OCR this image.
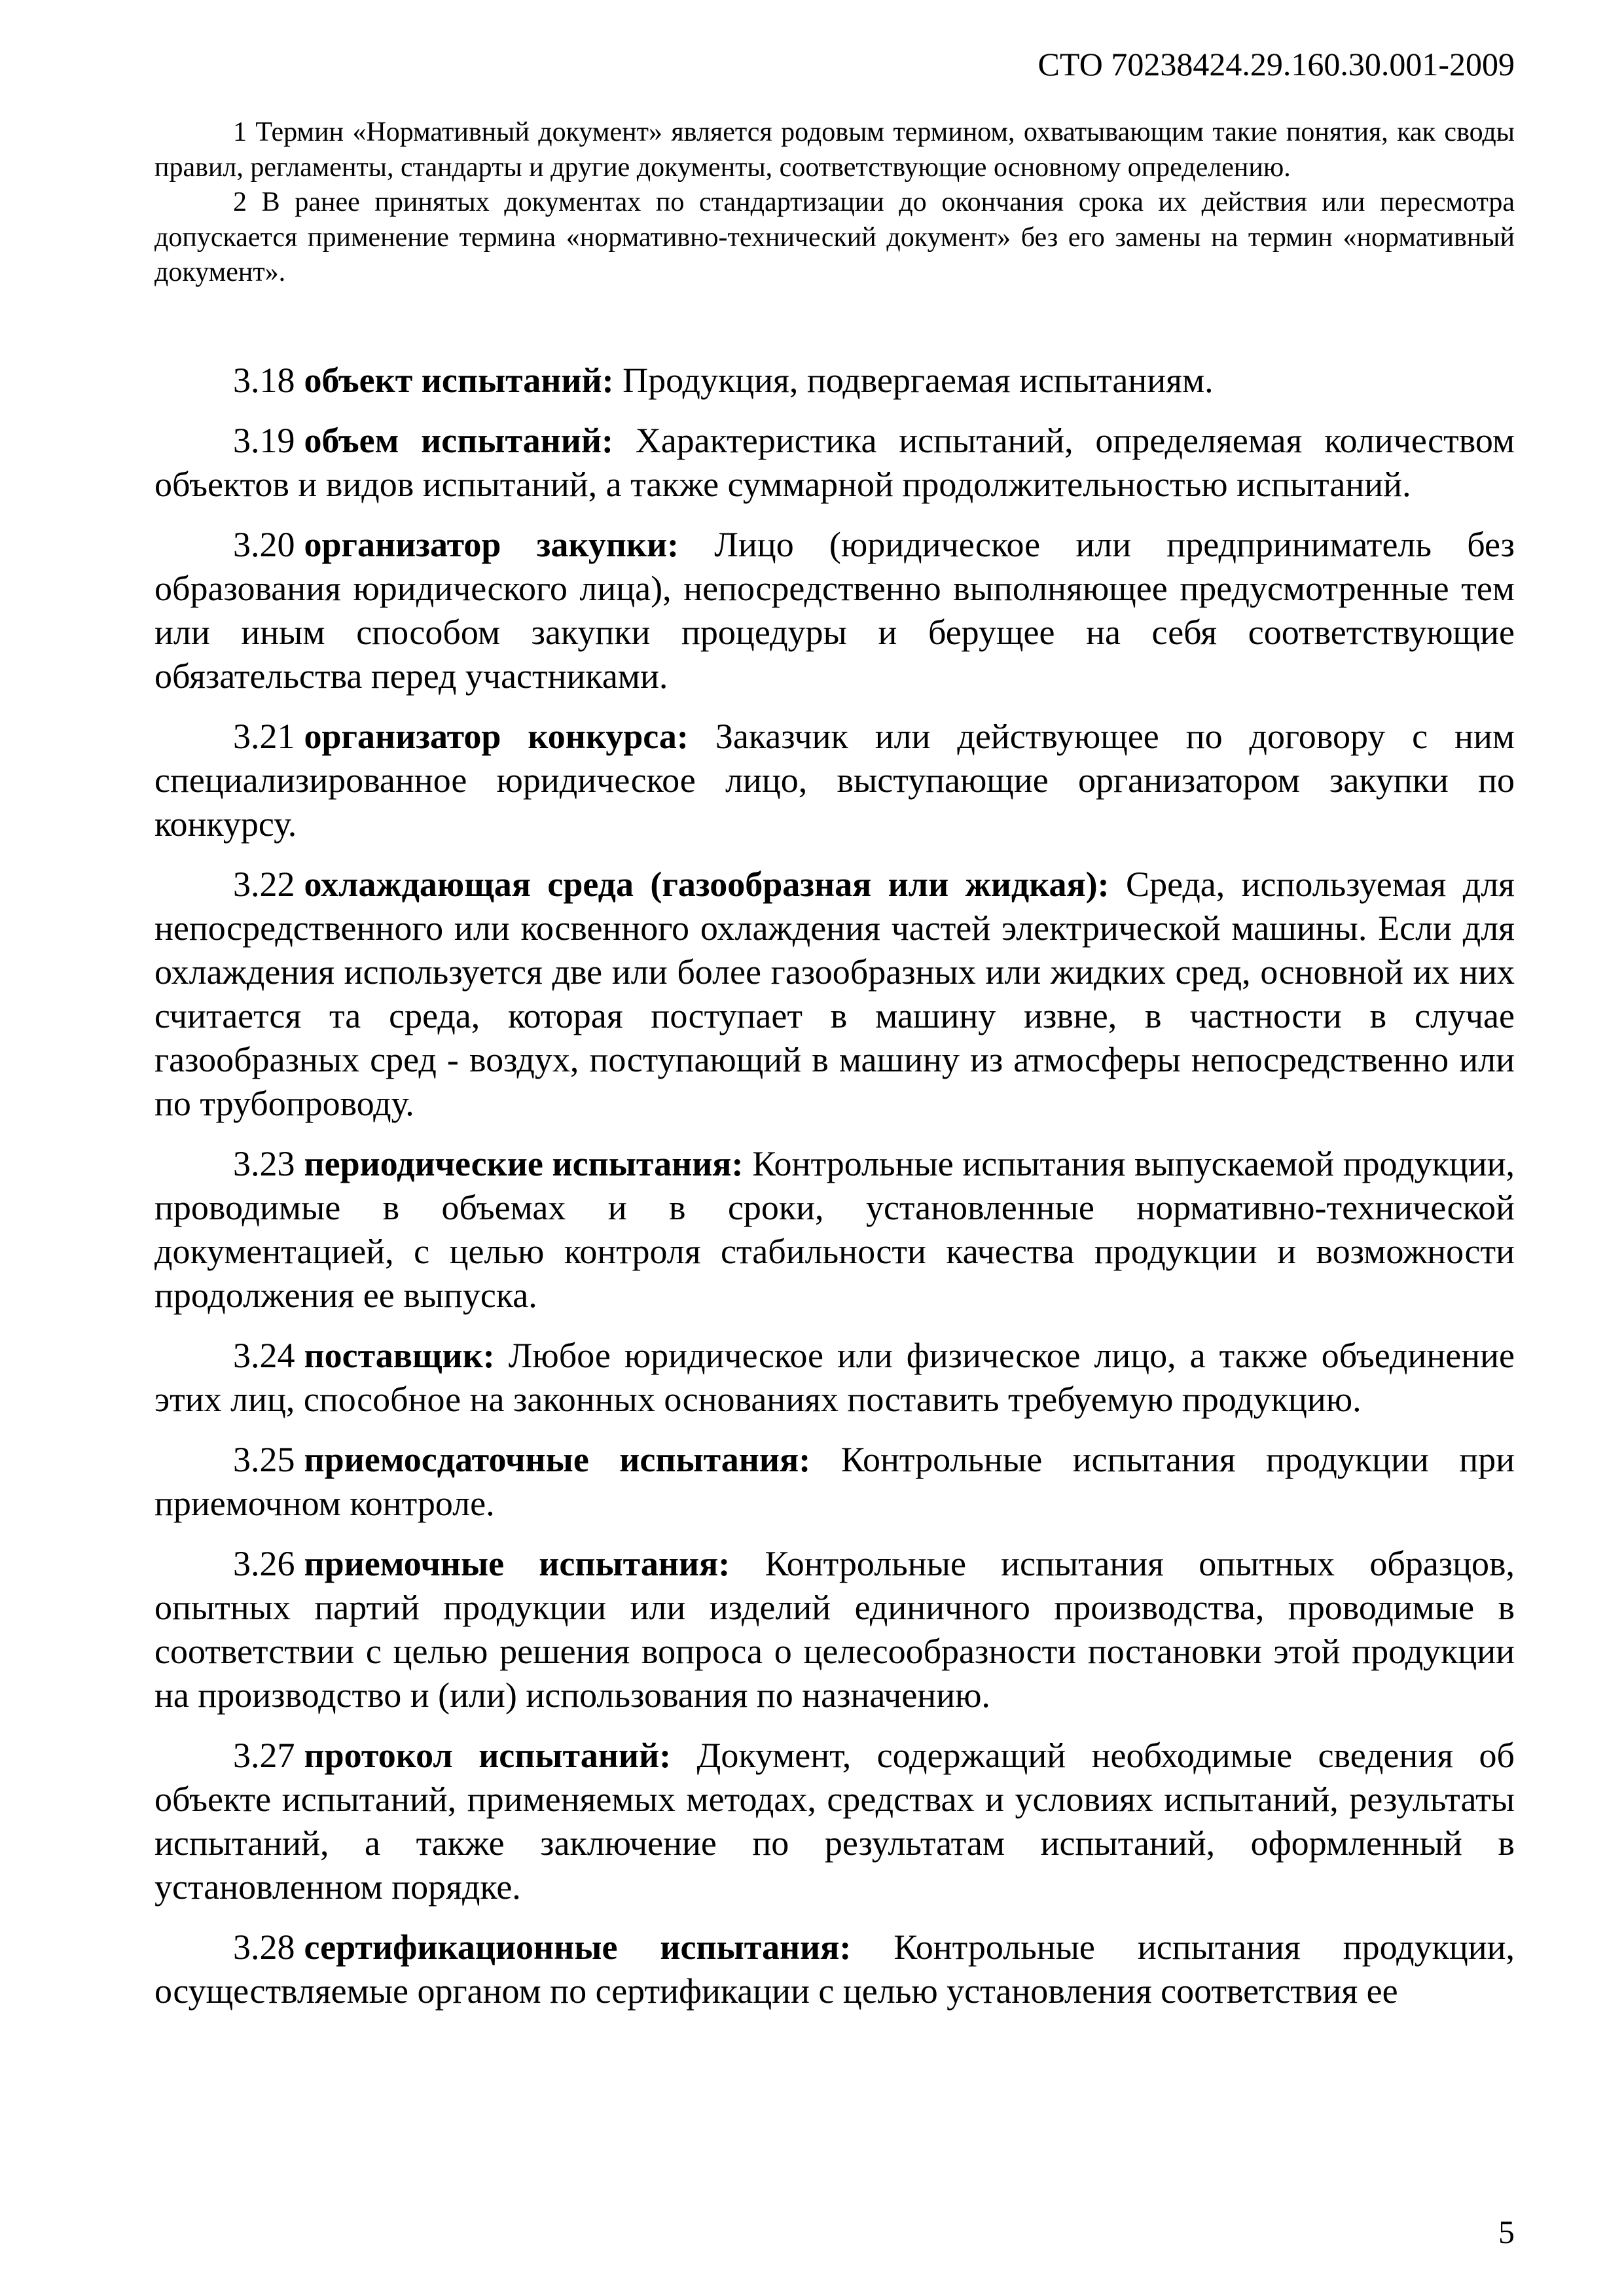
СТО 70238424.29.160.30.001-2009

1 Термин «Нормативный документ» является родовым термином, охватывающим такие понятия, как своды правил, регламенты, стандарты и другие документы, соответствующие основному определению.

2 В ранее принятых документах по стандартизации до окончания срока их действия или пересмотра допускается применение термина «нормативно-технический документ» без его замены на термин «нормативный документ».

3.18 объект испытаний: Продукция, подвергаемая испытаниям.

3.19 объем испытаний: Характеристика испытаний, определяемая количеством объектов и видов испытаний, а также суммарной продолжительностью испытаний.

3.20 организатор закупки: Лицо (юридическое или предприниматель без образования юридического лица), непосредственно выполняющее предусмотренные тем или иным способом закупки процедуры и берущее на себя соответствующие обязательства перед участниками.

3.21 организатор конкурса: Заказчик или действующее по договору с ним специализированное юридическое лицо, выступающие организатором закупки по конкурсу.

3.22 охлаждающая среда (газообразная или жидкая): Среда, используемая для непосредственного или косвенного охлаждения частей электрической машины. Если для охлаждения используется две или более газообразных или жидких сред, основной их них считается та среда, которая поступает в машину извне, в частности в случае газообразных сред - воздух, поступающий в машину из атмосферы непосредственно или по трубопроводу.

3.23 периодические испытания: Контрольные испытания выпускаемой продукции, проводимые в объемах и в сроки, установленные нормативно-технической документацией, с целью контроля стабильности качества продукции и возможности продолжения ее выпуска.

3.24 поставщик: Любое юридическое или физическое лицо, а также объединение этих лиц, способное на законных основаниях поставить требуемую продукцию.

3.25 приемосдаточные испытания: Контрольные испытания продукции при приемочном контроле.

3.26 приемочные испытания: Контрольные испытания опытных образцов, опытных партий продукции или изделий единичного производства, проводимые в соответствии с целью решения вопроса о целесообразности постановки этой продукции на производство и (или) использования по назначению.

3.27 протокол испытаний: Документ, содержащий необходимые сведения об объекте испытаний, применяемых методах, средствах и условиях испытаний, результаты испытаний, а также заключение по результатам испытаний, оформленный в установленном порядке.

3.28 сертификационные испытания: Контрольные испытания продукции, осуществляемые органом по сертификации с целью установления соответствия ее

5
